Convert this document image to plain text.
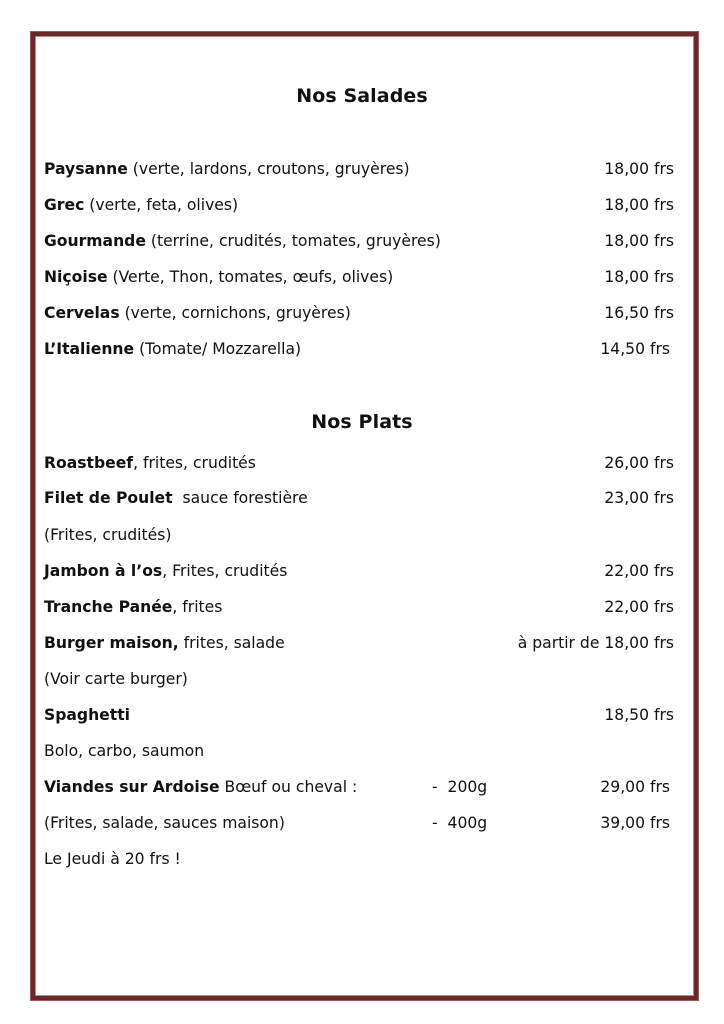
Nos Salades
Paysanne (verte, lardons, croutons, gruyères)	18,00 frs
Grec (verte, feta, olives)	18,00 frs
Gourmande (terrine, crudités, tomates, gruyères)	18,00 frs
Niçoise (Verte, Thon, tomates, œufs, olives)	18,00 frs
Cervelas (verte, cornichons, gruyères)	16,50 frs
L’Italienne (Tomate/ Mozzarella)	14,50 frs
Nos Plats
Roastbeef, frites, crudités	26,00 frs
Filet de Poulet  sauce forestière	23,00 frs
(Frites, crudités)
Jambon à l’os, Frites, crudités	22,00 frs
Tranche Panée, frites	22,00 frs
Burger maison, frites, salade	à partir de 18,00 frs
(Voir carte burger)
Spaghetti	18,50 frs
Bolo, carbo, saumon
Viandes sur Ardoise Bœuf ou cheval :	-  200g	29,00 frs
(Frites, salade, sauces maison)	-  400g	39,00 frs
Le Jeudi à 20 frs !
